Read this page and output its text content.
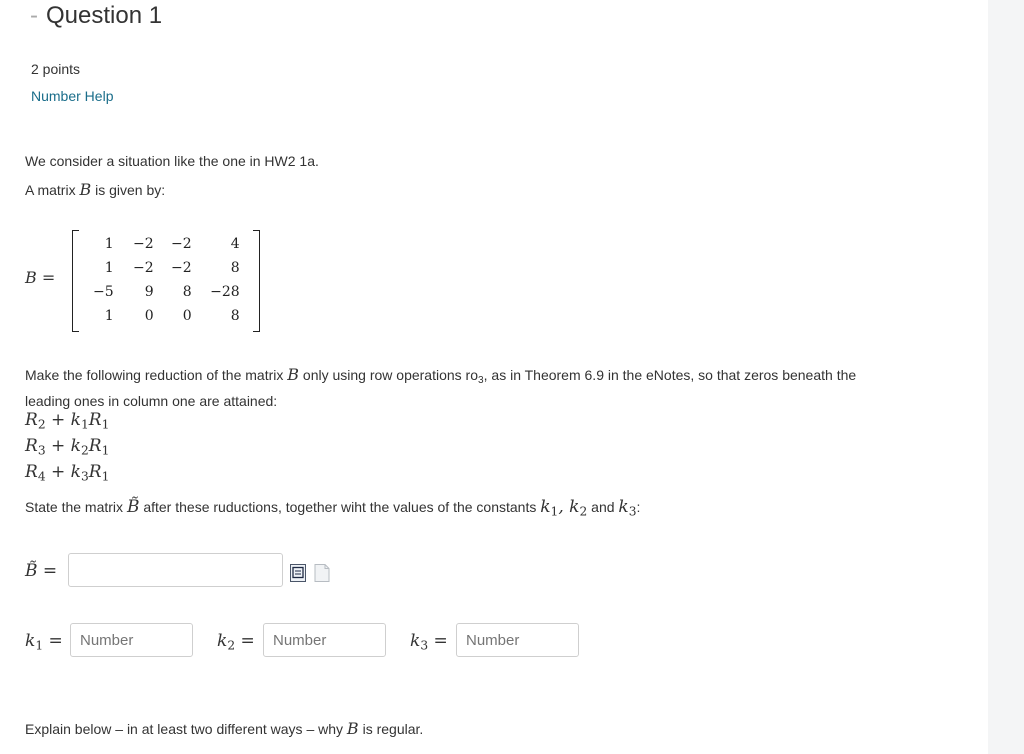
- Question 1
2 points
Number Help
We consider a situation like the one in HW2 1a.
A matrix B is given by:
B =
1	−2	−2	4
1	−2	−2	8
−5	9	8	−28
1	0	0	8
Make the following reduction of the matrix B only using row operations $ro_3$, as in Theorem 6.9 in the eNotes, so that zeros beneath the
leading ones in column one are attained:
$R_2 + k_1R_1$
$R_3 + k_2R_1$
$R_4 + k_3R_1$
State the matrix B̃ after these ruductions, together wiht the values of the constants $k_1$, $k_2$ and $k_3$:
B̃ =
$k_1$ =
Number	$k_2$ =
Number	$k_3$ =
Number
Explain below – in at least two different ways – why B is regular.
